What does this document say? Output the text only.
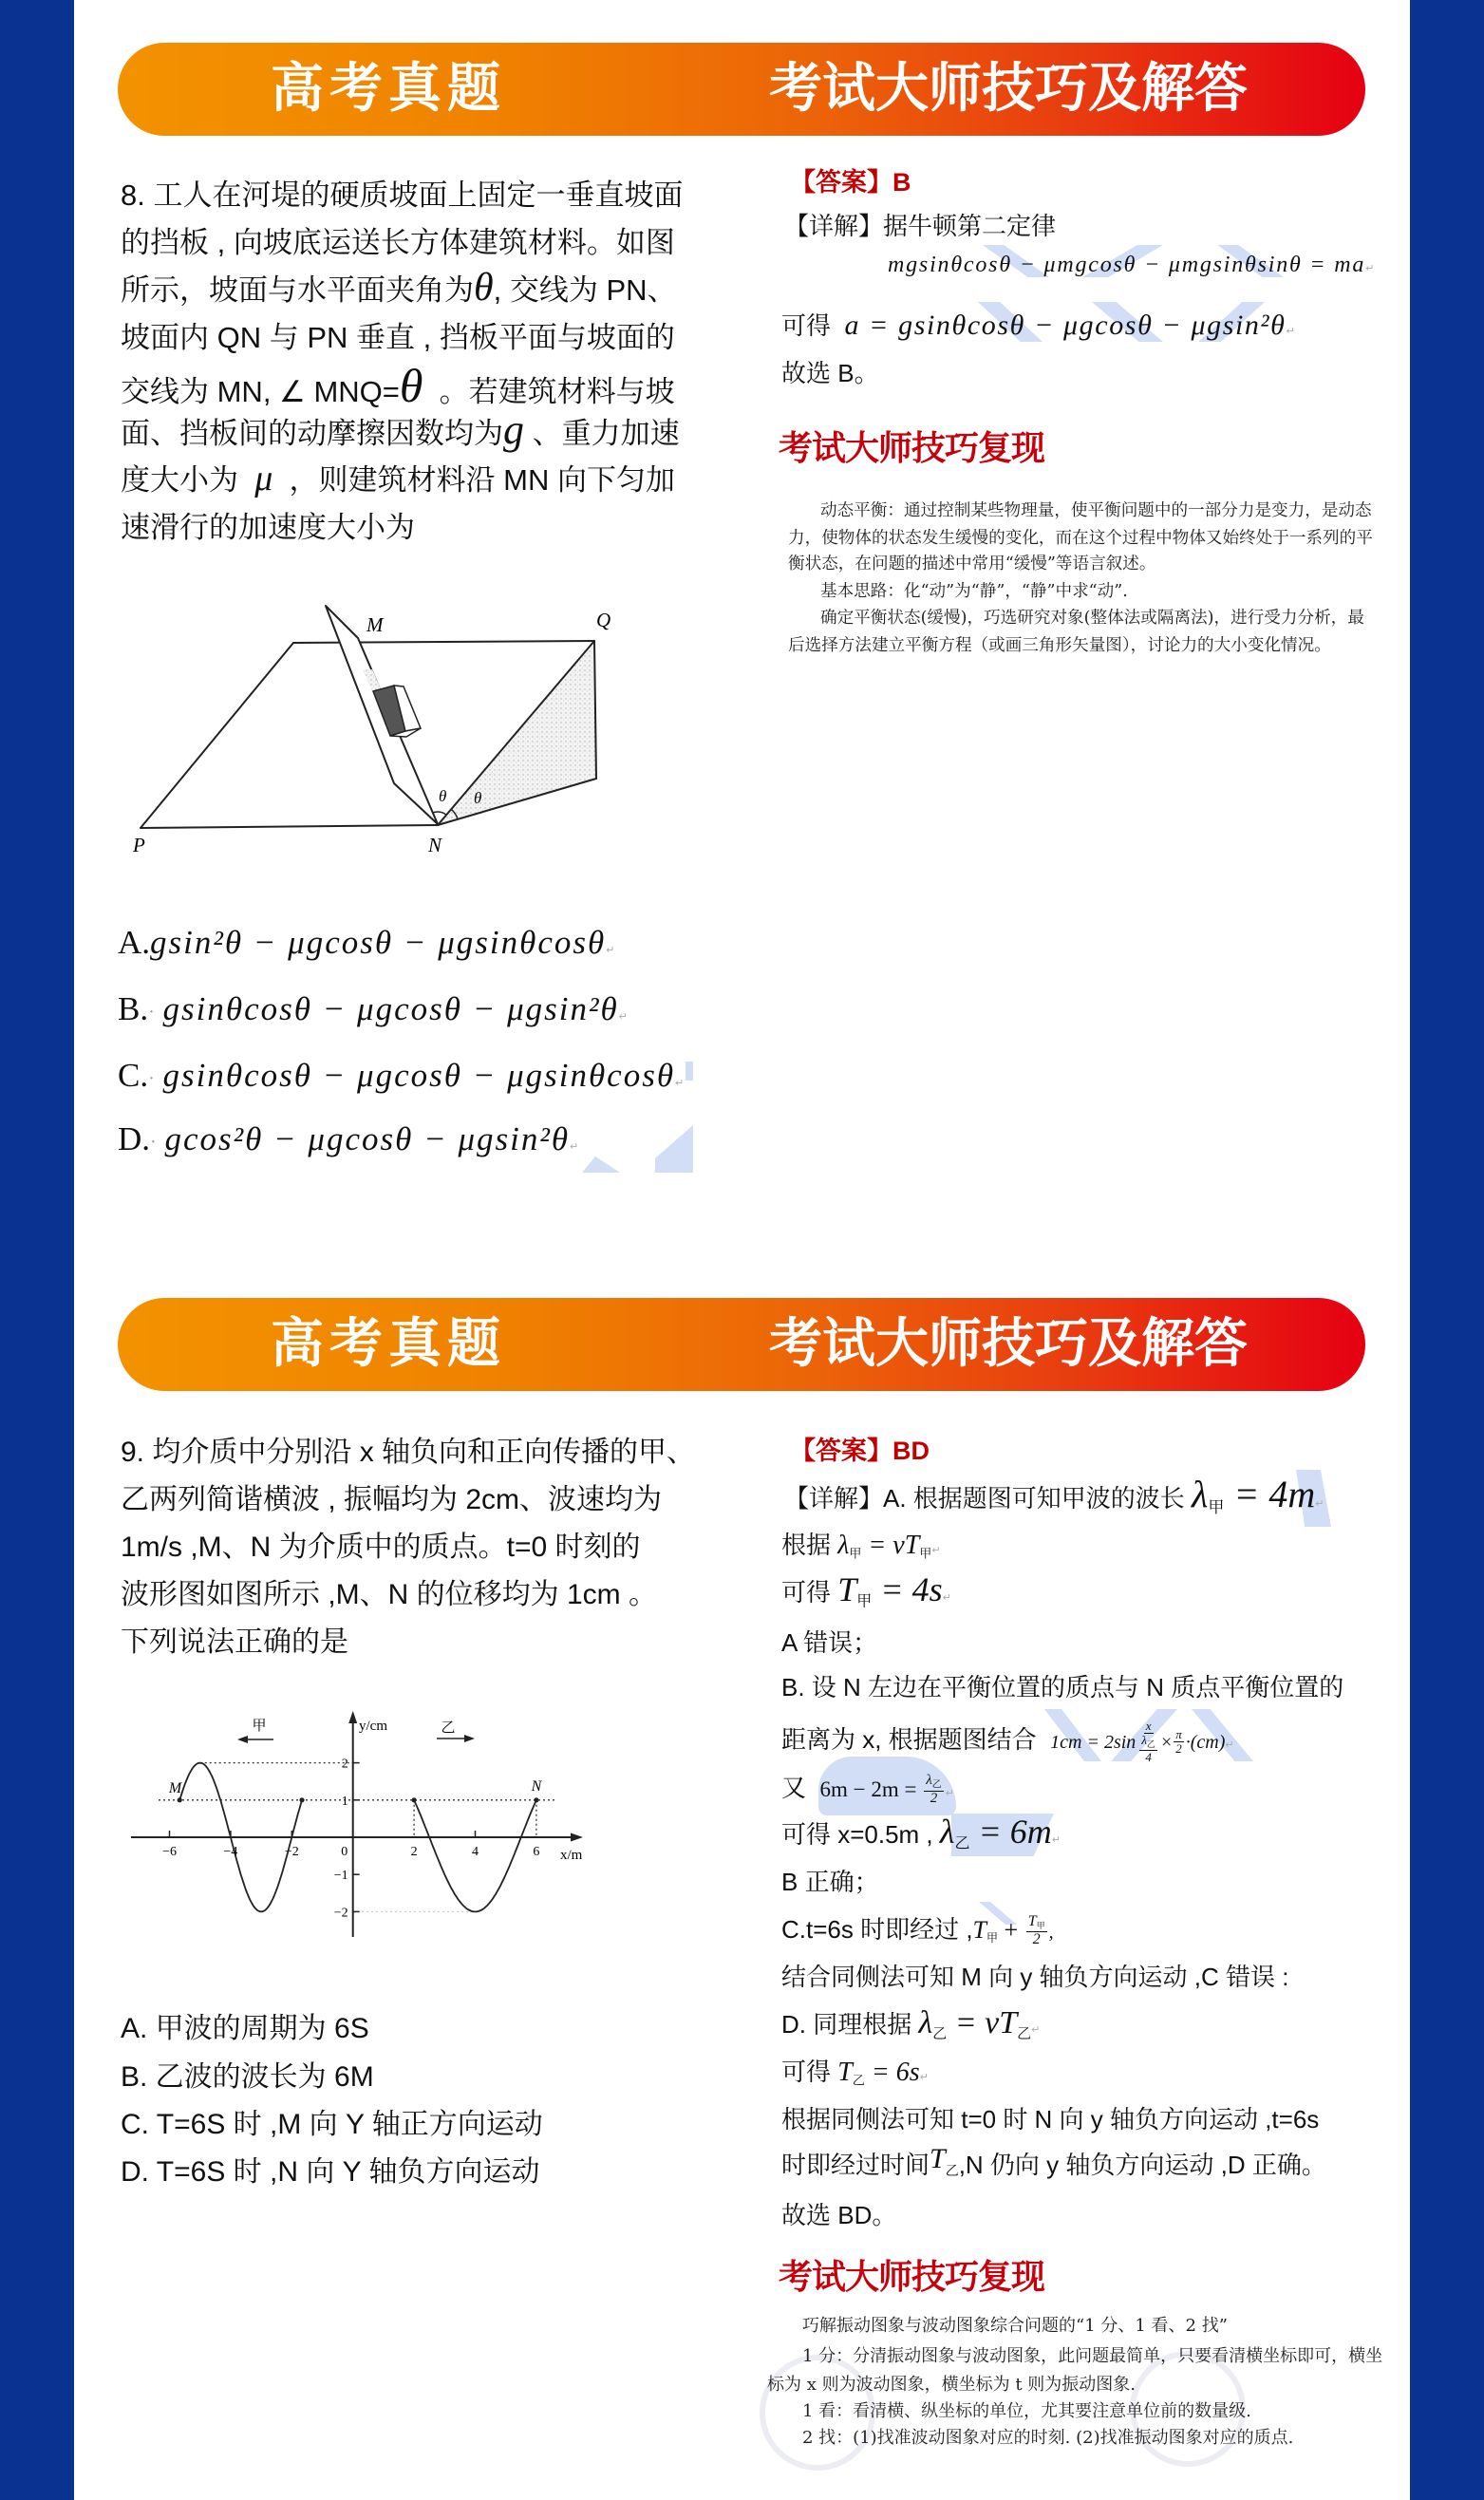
高考真题	考试大师技巧及解答
8. 工人在河堤的硬质坡面上固定一垂直坡面
的挡板 , 向坡底运送长方体建筑材料。如图
所示，坡面与水平面夹角为θ, 交线为 PN、
坡面内 QN 与 PN 垂直 , 挡板平面与坡面的
交线为 MN, ∠ MNQ=θ  。若建筑材料与坡
面、挡板间的动摩擦因数均为g 、重力加速
度大小为  μ  ，则建筑材料沿 MN 向下匀加
速滑行的加速度大小为
M	Q
P	N
θ θ
A.gsin²θ − μgcosθ − μgsinθcosθ↵
B.· gsinθcosθ − μgcosθ − μgsin²θ↵
C.· gsinθcosθ − μgcosθ − μgsinθcosθ↵
D.· gcos²θ − μgcosθ − μgsin²θ↵
【答案】B
【详解】据牛顿第二定律
mgsinθcosθ − μmgcosθ − μmgsinθsinθ = ma↵
可得  a = gsinθcosθ − μgcosθ − μgsin²θ↵
故选 B。
考试大师技巧复现
动态平衡：通过控制某些物理量，使平衡问题中的一部分力是变力，是动态
力，使物体的状态发生缓慢的变化，而在这个过程中物体又始终处于一系列的平
衡状态，在问题的描述中常用“缓慢”等语言叙述。
基本思路：化“动”为“静”，“静”中求“动”.
确定平衡状态(缓慢)，巧选研究对象(整体法或隔离法)，进行受力分析，最
后选择方法建立平衡方程（或画三角形矢量图），讨论力的大小变化情况。
高考真题	考试大师技巧及解答
9. 均介质中分别沿 x 轴负向和正向传播的甲、
乙两列简谐横波 , 振幅均为 2cm、波速均为
1m/s ,M、N 为介质中的质点。t=0 时刻的
波形图如图所示 ,M、N 的位移均为 1cm 。
下列说法正确的是
M	N
−6	−4	−2	0	2	4	6
2
1
−1
−2
y/cm
x/m
甲	乙
A. 甲波的周期为 6S
B. 乙波的波长为 6M
C. T=6S 时 ,M 向 Y 轴正方向运动
D. T=6S 时 ,N 向 Y 轴负方向运动
【答案】BD
【详解】A. 根据题图可知甲波的波长 $\lambda_甲$ = 4m↵
根据 $\lambda_甲$ = $vT_甲↵$
可得 $T_甲$ = 4s↵
A 错误；
B. 设 N 左边在平衡位置的质点与 N 质点平衡位置的
距离为 x, 根据题图结合  $1cm = 2\sin \frac{x}{\frac{\lambda_乙}{4}} \times \frac{\pi}{2}$ ·(cm)↵
又  $6m - 2m = \frac{\lambda_乙}{2}$ ↵
可得 x=0.5m , $\lambda_乙$ = 6m↵
B 正确；
C.t=6s 时即经过 $,T_甲 + \frac{T_甲}{2}$ ,
结合同侧法可知 M 向 y 轴负方向运动 ,C 错误 :
D. 同理根据 $\lambda_乙$ = $vT_乙↵$
可得 $T_乙$ = 6s↵
根据同侧法可知 t=0 时 N 向 y 轴负方向运动 ,t=6s
时即经过时间$T_乙,N$ 仍向 y 轴负方向运动 ,D 正确。
故选 BD。
考试大师技巧复现
巧解振动图象与波动图象综合问题的“1 分、1 看、2 找”
1 分：分清振动图象与波动图象，此问题最简单，只要看清横坐标即可，横坐
标为 x 则为波动图象，横坐标为 t 则为振动图象.
1 看：看清横、纵坐标的单位，尤其要注意单位前的数量级.
2 找：(1)找准波动图象对应的时刻. (2)找准振动图象对应的质点.
